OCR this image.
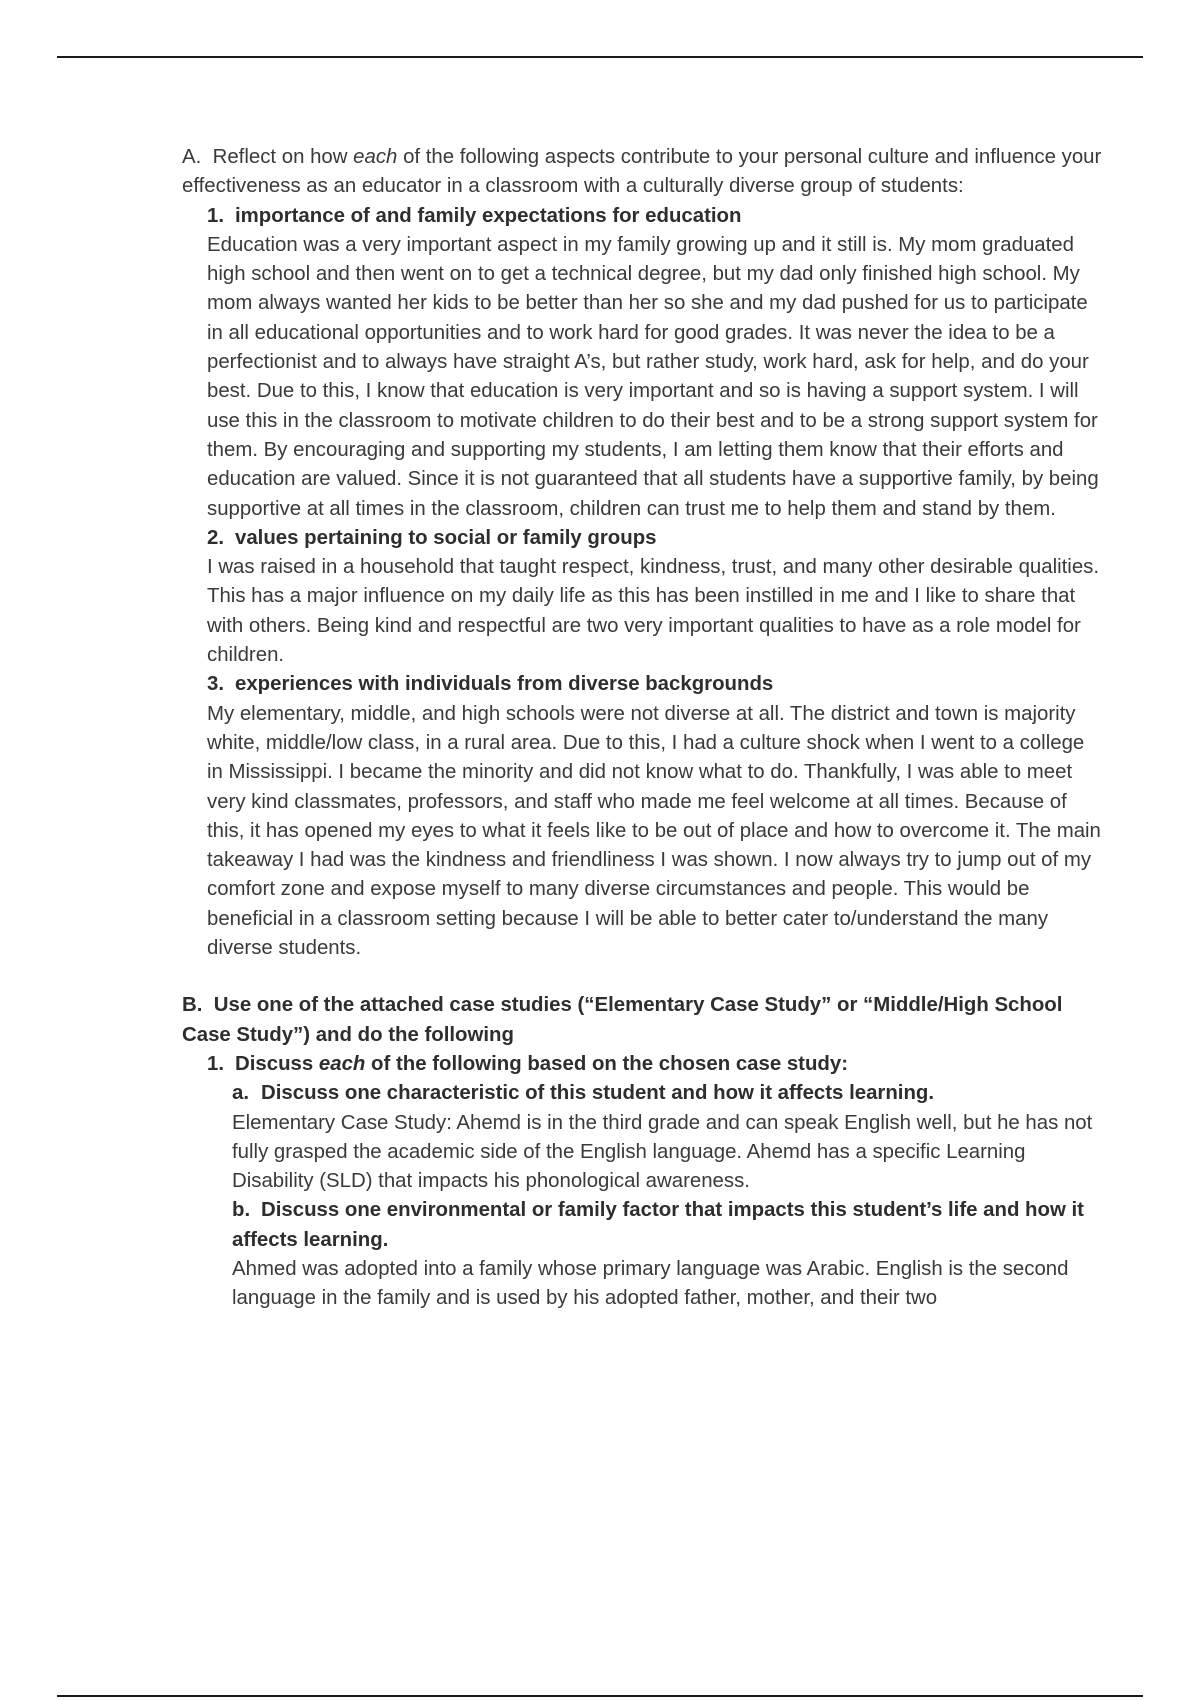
A. Reflect on how each of the following aspects contribute to your personal culture and influence your effectiveness as an educator in a classroom with a culturally diverse group of students:

1. importance of and family expectations for education

Education was a very important aspect in my family growing up and it still is. My mom graduated high school and then went on to get a technical degree, but my dad only finished high school. My mom always wanted her kids to be better than her so she and my dad pushed for us to participate in all educational opportunities and to work hard for good grades. It was never the idea to be a perfectionist and to always have straight A’s, but rather study, work hard, ask for help, and do your best. Due to this, I know that education is very important and so is having a support system. I will use this in the classroom to motivate children to do their best and to be a strong support system for them. By encouraging and supporting my students, I am letting them know that their efforts and education are valued. Since it is not guaranteed that all students have a supportive family, by being supportive at all times in the classroom, children can trust me to help them and stand by them.

2. values pertaining to social or family groups

I was raised in a household that taught respect, kindness, trust, and many other desirable qualities. This has a major influence on my daily life as this has been instilled in me and I like to share that with others. Being kind and respectful are two very important qualities to have as a role model for children.

3. experiences with individuals from diverse backgrounds

My elementary, middle, and high schools were not diverse at all. The district and town is majority white, middle/low class, in a rural area. Due to this, I had a culture shock when I went to a college in Mississippi. I became the minority and did not know what to do. Thankfully, I was able to meet very kind classmates, professors, and staff who made me feel welcome at all times. Because of this, it has opened my eyes to what it feels like to be out of place and how to overcome it. The main takeaway I had was the kindness and friendliness I was shown. I now always try to jump out of my comfort zone and expose myself to many diverse circumstances and people. This would be beneficial in a classroom setting because I will be able to better cater to/understand the many diverse students.

B. Use one of the attached case studies (“Elementary Case Study” or “Middle/High School Case Study”) and do the following

1. Discuss each of the following based on the chosen case study:

a. Discuss one characteristic of this student and how it affects learning.

Elementary Case Study: Ahemd is in the third grade and can speak English well, but he has not fully grasped the academic side of the English language. Ahemd has a specific Learning Disability (SLD) that impacts his phonological awareness.

b. Discuss one environmental or family factor that impacts this student’s life and how it affects learning.

Ahmed was adopted into a family whose primary language was Arabic. English is the second language in the family and is used by his adopted father, mother, and their two
